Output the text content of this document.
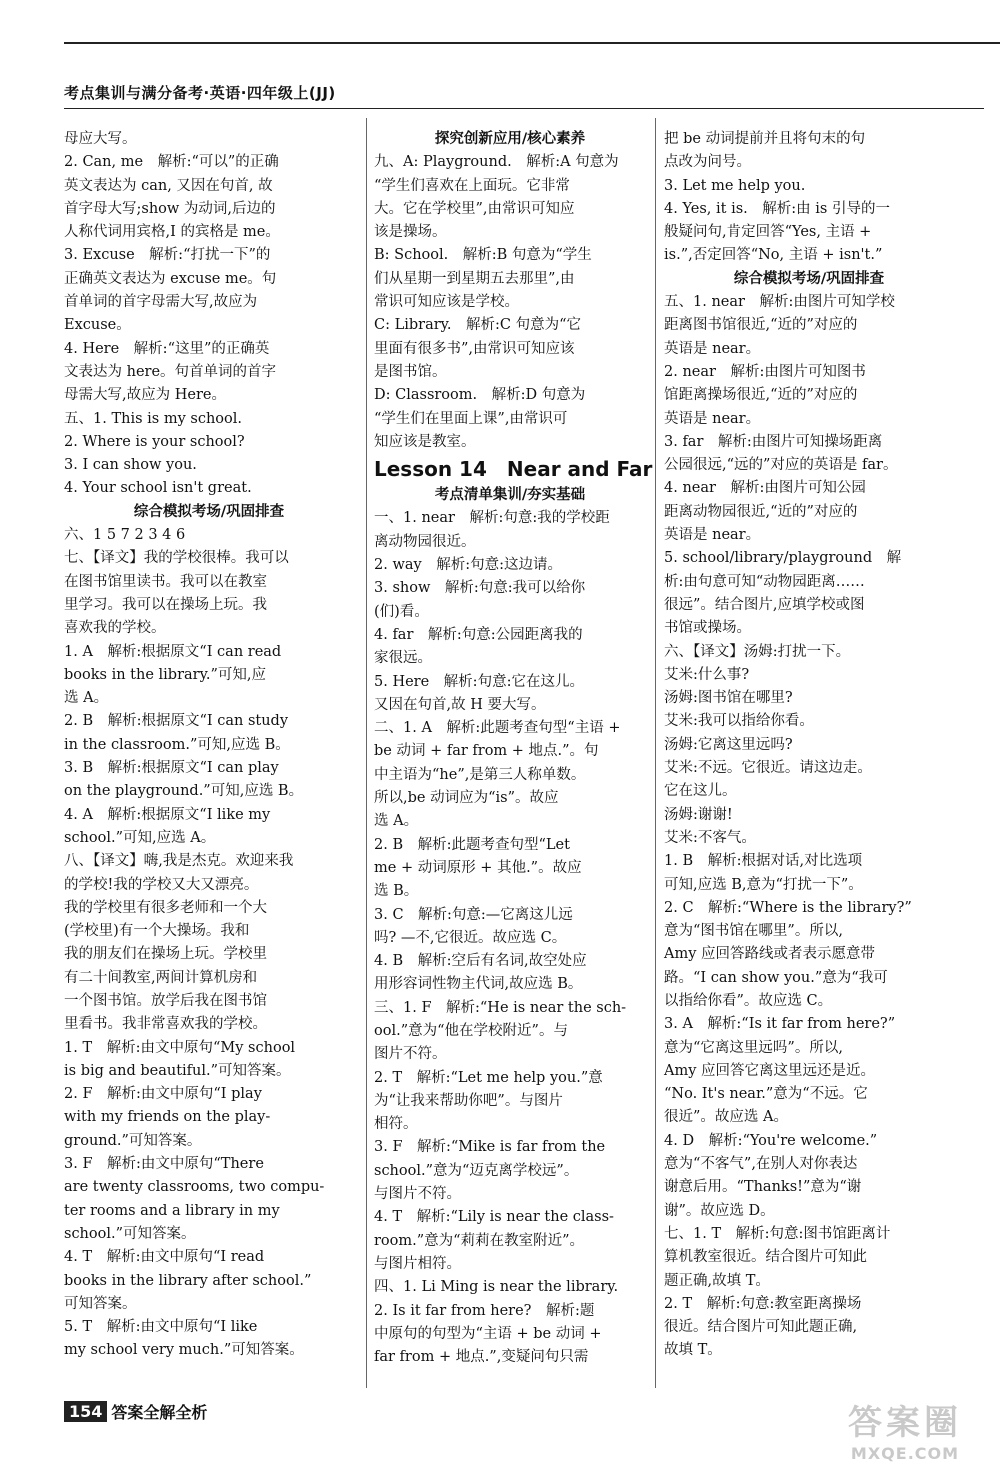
考点集训与满分备考·英语·四年级上(JJ)

母应大写。

2. Can, me　解析:“可以”的正确

英文表达为 can, 又因在句首, 故

首字母大写;show 为动词,后边的

人称代词用宾格,I 的宾格是 me。

3. Excuse　解析:“打扰一下”的

正确英文表达为 excuse me。句

首单词的首字母需大写,故应为

Excuse。

4. Here　解析:“这里”的正确英

文表达为 here。句首单词的首字

母需大写,故应为 Here。

五、1. This is my school.

2. Where is your school?

3. I can show you.

4. Your school isn't great.

综合模拟考场/巩固排查

六、1 5 7 2 3 4 6

七、【译文】我的学校很棒。我可以

在图书馆里读书。我可以在教室

里学习。我可以在操场上玩。我

喜欢我的学校。

1. A　解析:根据原文“I can read

books in the library.”可知,应

选 A。

2. B　解析:根据原文“I can study

in the classroom.”可知,应选 B。

3. B　解析:根据原文“I can play

on the playground.”可知,应选 B。

4. A　解析:根据原文“I like my

school.”可知,应选 A。

八、【译文】嗨,我是杰克。欢迎来我

的学校!我的学校又大又漂亮。

我的学校里有很多老师和一个大

(学校里)有一个大操场。我和

我的朋友们在操场上玩。学校里

有二十间教室,两间计算机房和

一个图书馆。放学后我在图书馆

里看书。我非常喜欢我的学校。

1. T　解析:由文中原句“My school

is big and beautiful.”可知答案。

2. F　解析:由文中原句“I play

with my friends on the play-

ground.”可知答案。

3. F　解析:由文中原句“There

are twenty classrooms, two compu-

ter rooms and a library in my

school.”可知答案。

4. T　解析:由文中原句“I read

books in the library after school.”

可知答案。

5. T　解析:由文中原句“I like

my school very much.”可知答案。

探究创新应用/核心素养

九、A: Playground.　解析:A 句意为

“学生们喜欢在上面玩。它非常

大。它在学校里”,由常识可知应

该是操场。

B: School.　解析:B 句意为“学生

们从星期一到星期五去那里”,由

常识可知应该是学校。

C: Library.　解析:C 句意为“它

里面有很多书”,由常识可知应该

是图书馆。

D: Classroom.　解析:D 句意为

“学生们在里面上课”,由常识可

知应该是教室。

Lesson 14　Near and Far

考点清单集训/夯实基础

一、1. near　解析:句意:我的学校距

离动物园很近。

2. way　解析:句意:这边请。

3. show　解析:句意:我可以给你

(们)看。

4. far　解析:句意:公园距离我的

家很远。

5. Here　解析:句意:它在这儿。

又因在句首,故 H 要大写。

二、1. A　解析:此题考查句型“主语 +

be 动词 + far from + 地点.”。句

中主语为“he”,是第三人称单数。

所以,be 动词应为“is”。故应

选 A。

2. B　解析:此题考查句型“Let

me + 动词原形 + 其他.”。故应

选 B。

3. C　解析:句意:—它离这儿远

吗? —不,它很近。故应选 C。

4. B　解析:空后有名词,故空处应

用形容词性物主代词,故应选 B。

三、1. F　解析:“He is near the sch-

ool.”意为“他在学校附近”。与

图片不符。

2. T　解析:“Let me help you.”意

为“让我来帮助你吧”。与图片

相符。

3. F　解析:“Mike is far from the

school.”意为“迈克离学校远”。

与图片不符。

4. T　解析:“Lily is near the class-

room.”意为“莉莉在教室附近”。

与图片相符。

四、1. Li Ming is near the library.

2. Is it far from here?　解析:题

中原句的句型为“主语 + be 动词 +

far from + 地点.”,变疑问句只需

把 be 动词提前并且将句末的句

点改为问号。

3. Let me help you.

4. Yes, it is.　解析:由 is 引导的一

般疑问句,肯定回答“Yes, 主语 +

is.”,否定回答“No, 主语 + isn't.”

综合模拟考场/巩固排查

五、1. near　解析:由图片可知学校

距离图书馆很近,“近的”对应的

英语是 near。

2. near　解析:由图片可知图书

馆距离操场很近,“近的”对应的

英语是 near。

3. far　解析:由图片可知操场距离

公园很远,“远的”对应的英语是 far。

4. near　解析:由图片可知公园

距离动物园很近,“近的”对应的

英语是 near。

5. school/library/playground　解

析:由句意可知“动物园距离……

很远”。结合图片,应填学校或图

书馆或操场。

六、【译文】汤姆:打扰一下。

艾米:什么事?

汤姆:图书馆在哪里?

艾米:我可以指给你看。

汤姆:它离这里远吗?

艾米:不远。它很近。请这边走。

它在这儿。

汤姆:谢谢!

艾米:不客气。

1. B　解析:根据对话,对比选项

可知,应选 B,意为“打扰一下”。

2. C　解析:“Where is the library?”

意为“图书馆在哪里”。所以,

Amy 应回答路线或者表示愿意带

路。“I can show you.”意为“我可

以指给你看”。故应选 C。

3. A　解析:“Is it far from here?”

意为“它离这里远吗”。所以,

Amy 应回答它离这里远还是近。

“No. It's near.”意为“不远。它

很近”。故应选 A。

4. D　解析:“You're welcome.”

意为“不客气”,在别人对你表达

谢意后用。“Thanks!”意为“谢

谢”。故应选 D。

七、1. T　解析:句意:图书馆距离计

算机教室很近。结合图片可知此

题正确,故填 T。

2. T　解析:句意:教室距离操场

很近。结合图片可知此题正确,

故填 T。

154 答案全解全析	答案圈
MXQE.COM
